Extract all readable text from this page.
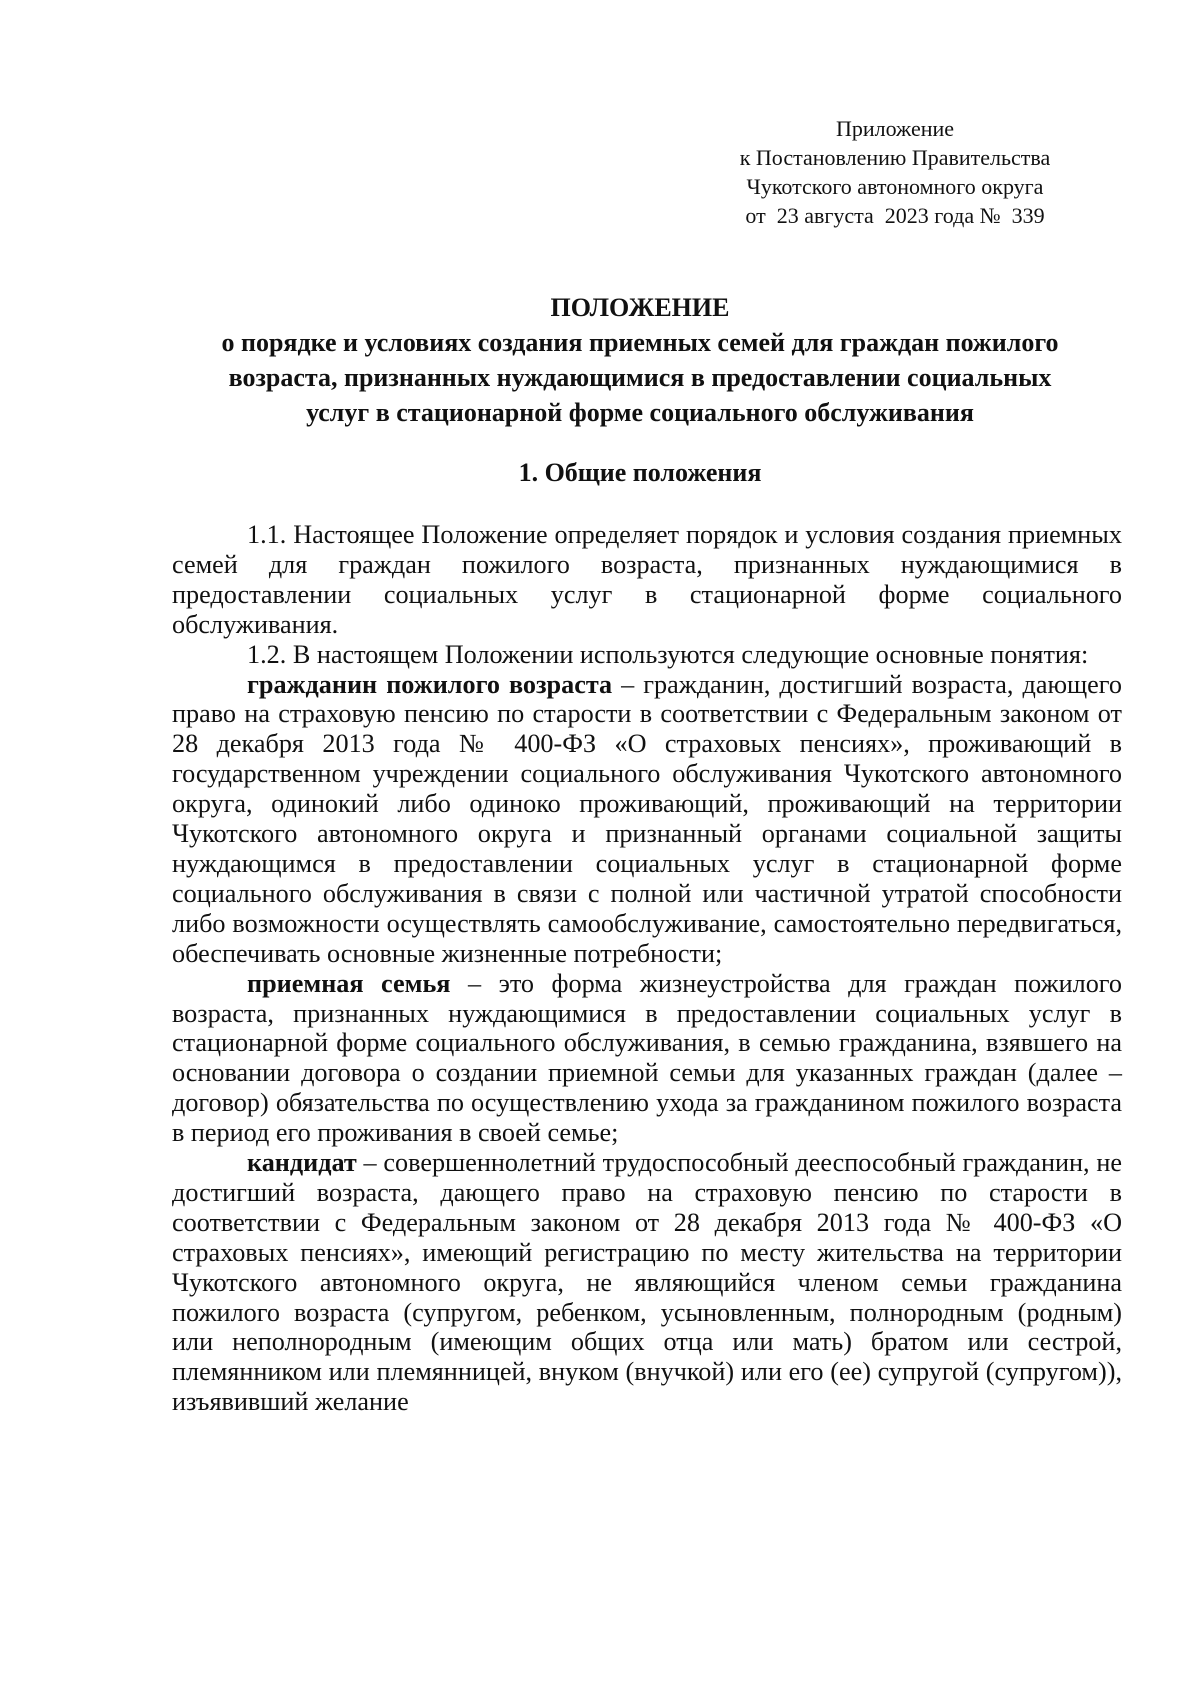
Приложение
к Постановлению Правительства
Чукотского автономного округа
от  23 августа  2023 года №  339
ПОЛОЖЕНИЕ
о порядке и условиях создания приемных семей для граждан пожилого
возраста, признанных нуждающимися в предоставлении социальных
услуг в стационарной форме социального обслуживания
1. Общие положения

1.1. Настоящее Положение определяет порядок и условия создания приемных семей для граждан пожилого возраста, признанных нуждающимися в предоставлении социальных услуг в стационарной форме социального обслуживания.

1.2. В настоящем Положении используются следующие основные понятия:

гражданин пожилого возраста – гражданин, достигший возраста, дающего право на страховую пенсию по старости в соответствии с Федеральным законом от 28 декабря 2013 года № 400-ФЗ «О страховых пенсиях», проживающий в государственном учреждении социального обслуживания Чукотского автономного округа, одинокий либо одиноко проживающий, проживающий на территории Чукотского автономного округа и признанный органами социальной защиты нуждающимся в предоставлении социальных услуг в стационарной форме социального обслуживания в связи с полной или частичной утратой способности либо возможности осуществлять самообслуживание, самостоятельно передвигаться, обеспечивать основные жизненные потребности;

приемная семья – это форма жизнеустройства для граждан пожилого возраста, признанных нуждающимися в предоставлении социальных услуг в стационарной форме социального обслуживания, в семью гражданина, взявшего на основании договора о создании приемной семьи для указанных граждан (далее – договор) обязательства по осуществлению ухода за гражданином пожилого возраста в период его проживания в своей семье;

кандидат – совершеннолетний трудоспособный дееспособный гражданин, не достигший возраста, дающего право на страховую пенсию по старости в соответствии с Федеральным законом от 28 декабря 2013 года № 400-ФЗ «О страховых пенсиях», имеющий регистрацию по месту жительства на территории Чукотского автономного округа, не являющийся членом семьи гражданина пожилого возраста (супругом, ребенком, усыновленным, полнородным (родным) или неполнородным (имеющим общих отца или мать) братом или сестрой, племянником или племянницей, внуком (внучкой) или его (ее) супругой (супругом)), изъявивший желание
